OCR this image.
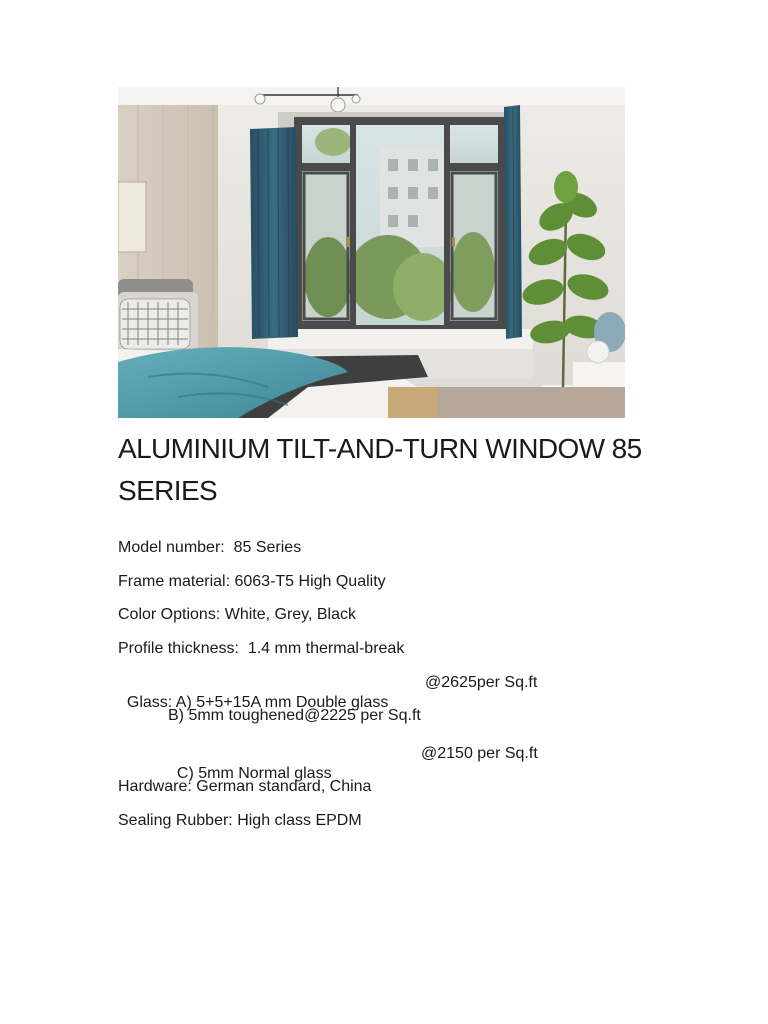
ALUMINIUM TILT-AND-TURN WINDOW 85 SERIES
Model number:  85 Series
Frame material: 6063-T5 High Quality
Color Options: White, Grey, Black
Profile thickness:  1.4 mm thermal-break

Glass: A) 5+5+15A mm Double glass

@2625per Sq.ft

B) 5mm toughened@2225 per Sq.ft

C) 5mm Normal glass

@2150 per Sq.ft

Hardware: German standard, China
Sealing Rubber: High class EPDM
